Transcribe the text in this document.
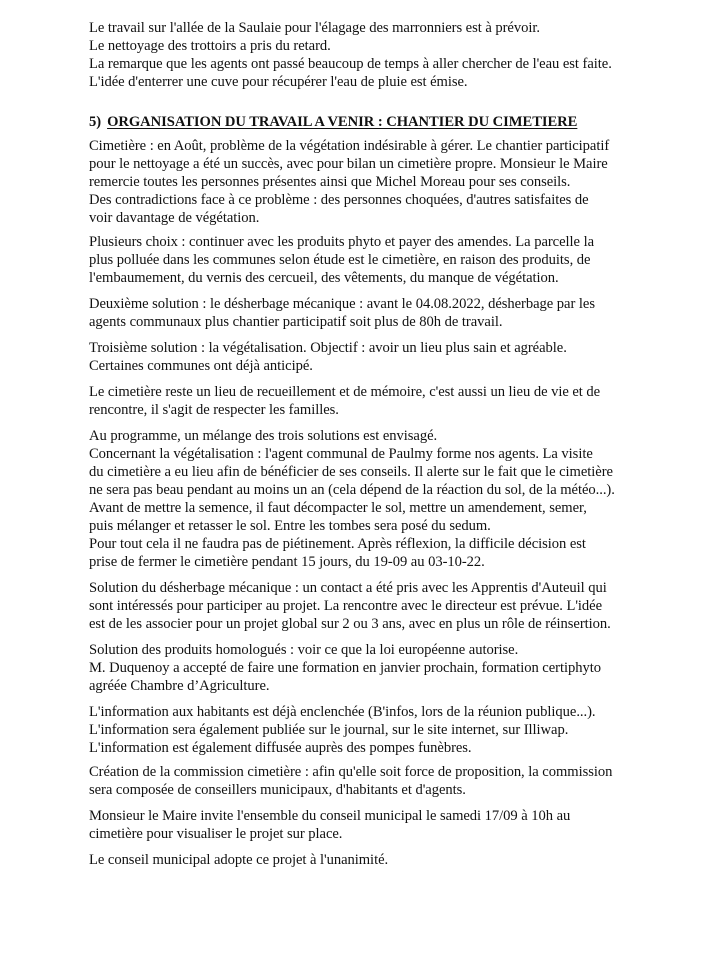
Le travail sur l'allée de la Saulaie pour l'élagage des marronniers est à prévoir.
Le nettoyage des trottoirs a pris du retard.
La remarque que les agents ont passé beaucoup de temps à aller chercher de l'eau est faite.
L'idée d'enterrer une cuve pour récupérer l'eau de pluie est émise.
5) ORGANISATION DU TRAVAIL A VENIR : CHANTIER DU CIMETIERE
Cimetière : en Août, problème de la végétation indésirable à gérer. Le chantier participatif
pour le nettoyage a été un succès, avec pour bilan un cimetière propre. Monsieur le Maire
remercie toutes les personnes présentes ainsi que Michel Moreau pour ses conseils.
Des contradictions face à ce problème : des personnes choquées, d'autres satisfaites de
voir davantage de végétation.
Plusieurs choix : continuer avec les produits phyto et payer des amendes. La parcelle la
plus polluée dans les communes selon étude est le cimetière, en raison des produits, de
l'embaumement, du vernis des cercueil, des vêtements, du manque de végétation.
Deuxième solution : le désherbage mécanique : avant le 04.08.2022, désherbage par les
agents communaux plus chantier participatif soit plus de 80h de travail.
Troisième solution : la végétalisation. Objectif : avoir un lieu plus sain et agréable.
Certaines communes ont déjà anticipé.
Le cimetière reste un lieu de recueillement et de mémoire, c'est aussi un lieu de vie et de
rencontre, il s'agit de respecter les familles.
Au programme, un mélange des trois solutions est envisagé.
Concernant la végétalisation : l'agent communal de Paulmy forme nos agents. La visite
du cimetière a eu lieu afin de bénéficier de ses conseils. Il alerte sur le fait que le cimetière
ne sera pas beau pendant au moins un an (cela dépend de la réaction du sol, de la météo...).
Avant de mettre la semence, il faut décompacter le sol, mettre un amendement, semer,
puis mélanger et retasser le sol. Entre les tombes sera posé du sedum.
Pour tout cela il ne faudra pas de piétinement. Après réflexion, la difficile décision est
prise de fermer le cimetière pendant 15 jours, du 19-09 au 03-10-22.
Solution du désherbage mécanique : un contact a été pris avec les Apprentis d'Auteuil qui
sont intéressés pour participer au projet. La rencontre avec le directeur est prévue. L'idée
est de les associer pour un projet global sur 2 ou 3 ans, avec en plus un rôle de réinsertion.
Solution des produits homologués : voir ce que la loi européenne autorise.
M. Duquenoy a accepté de faire une formation en janvier prochain, formation certiphyto
agréée Chambre d’Agriculture.
L'information aux habitants est déjà enclenchée (B'infos, lors de la réunion publique...).
L'information sera également publiée sur le journal, sur le site internet, sur Illiwap.
L'information est également diffusée auprès des pompes funèbres.
Création de la commission cimetière : afin qu'elle soit force de proposition, la commission
sera composée de conseillers municipaux, d'habitants et d'agents.
Monsieur le Maire invite l'ensemble du conseil municipal le samedi 17/09 à 10h au
cimetière pour visualiser le projet sur place.
Le conseil municipal adopte ce projet à l'unanimité.
